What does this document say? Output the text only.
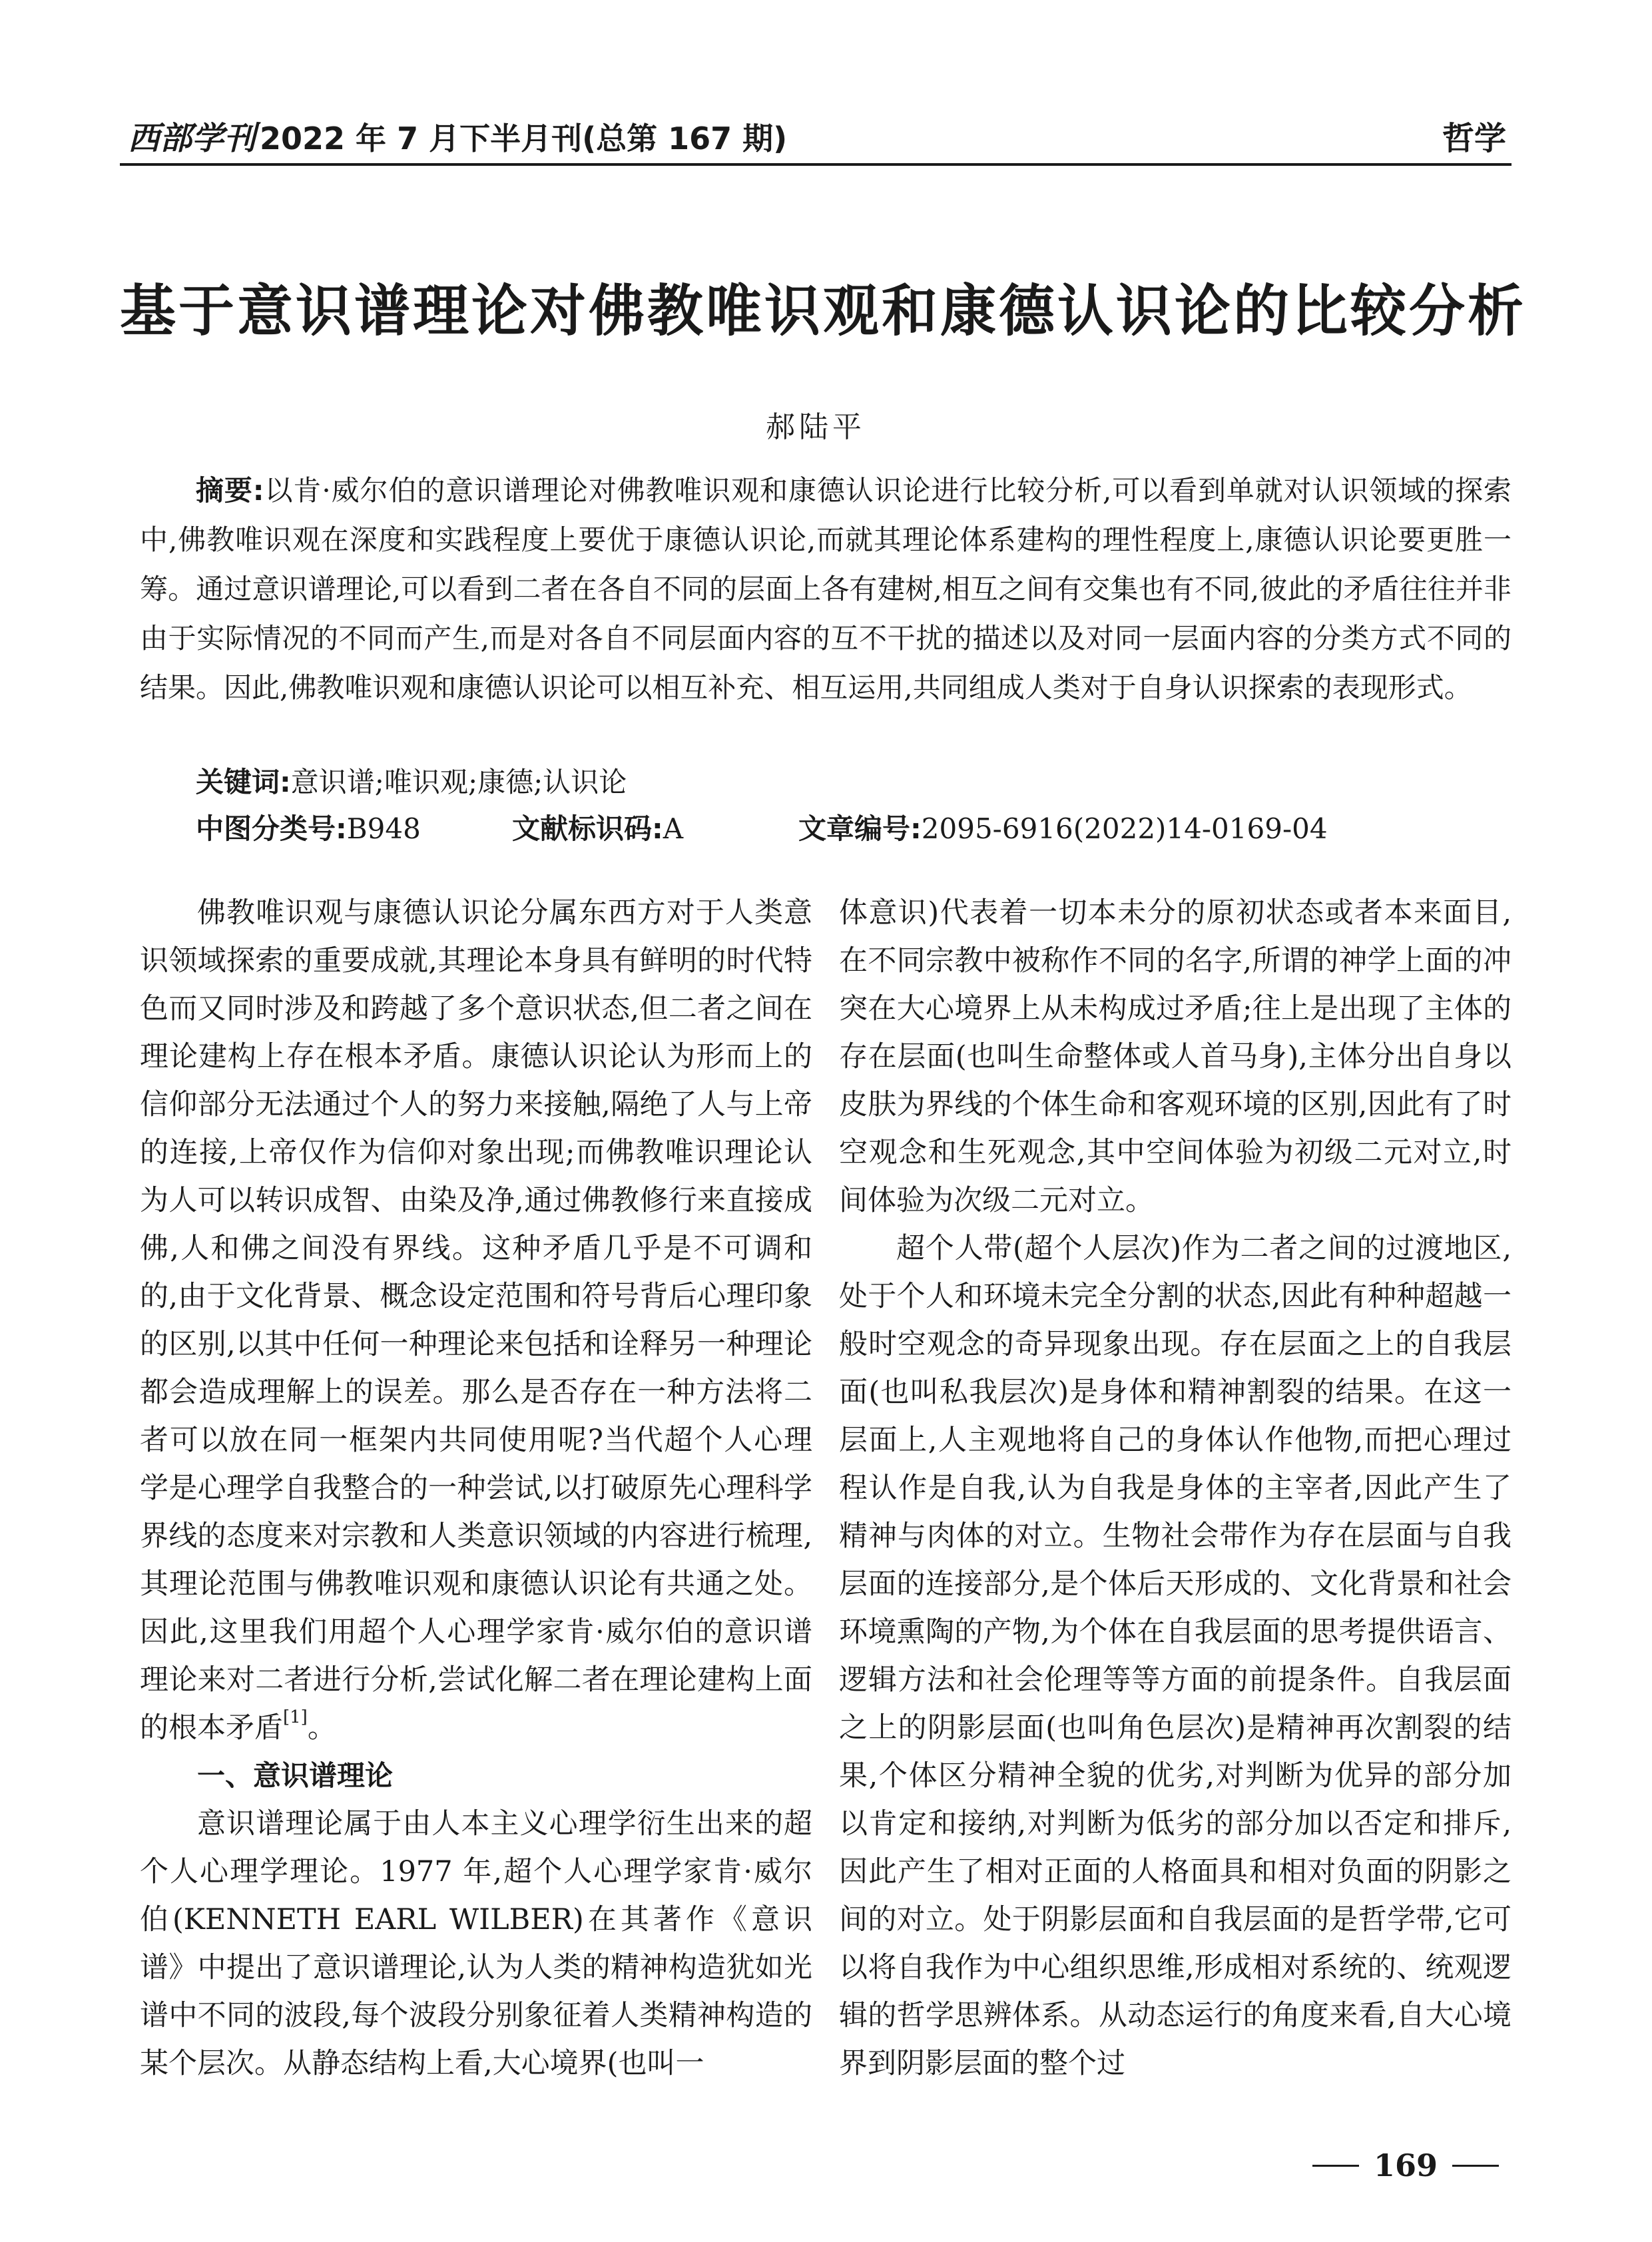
西部学刊 2022 年 7 月下半月刊(总第 167 期)	哲学
基于意识谱理论对佛教唯识观和康德认识论的比较分析
郝陆平

摘要:以肯·威尔伯的意识谱理论对佛教唯识观和康德认识论进行比较分析,可以看到单就对认识领域的探索中,佛教唯识观在深度和实践程度上要优于康德认识论,而就其理论体系建构的理性程度上,康德认识论要更胜一筹。通过意识谱理论,可以看到二者在各自不同的层面上各有建树,相互之间有交集也有不同,彼此的矛盾往往并非由于实际情况的不同而产生,而是对各自不同层面内容的互不干扰的描述以及对同一层面内容的分类方式不同的结果。因此,佛教唯识观和康德认识论可以相互补充、相互运用,共同组成人类对于自身认识探索的表现形式。

关键词:意识谱;唯识观;康德;认识论
中图分类号:B948	文献标识码:A	文章编号:2095-6916(2022)14-0169-04

佛教唯识观与康德认识论分属东西方对于人类意识领域探索的重要成就,其理论本身具有鲜明的时代特色而又同时涉及和跨越了多个意识状态,但二者之间在理论建构上存在根本矛盾。康德认识论认为形而上的信仰部分无法通过个人的努力来接触,隔绝了人与上帝的连接,上帝仅作为信仰对象出现;而佛教唯识理论认为人可以转识成智、由染及净,通过佛教修行来直接成佛,人和佛之间没有界线。这种矛盾几乎是不可调和的,由于文化背景、概念设定范围和符号背后心理印象的区别,以其中任何一种理论来包括和诠释另一种理论都会造成理解上的误差。那么是否存在一种方法将二者可以放在同一框架内共同使用呢?当代超个人心理学是心理学自我整合的一种尝试,以打破原先心理科学界线的态度来对宗教和人类意识领域的内容进行梳理,其理论范围与佛教唯识观和康德认识论有共通之处。因此,这里我们用超个人心理学家肯·威尔伯的意识谱理论来对二者进行分析,尝试化解二者在理论建构上面的根本矛盾[1]。

一、意识谱理论

意识谱理论属于由人本主义心理学衍生出来的超个人心理学理论。1977 年,超个人心理学家肯·威尔伯(KENNETH EARL WILBER)在其著作《意识谱》中提出了意识谱理论,认为人类的精神构造犹如光谱中不同的波段,每个波段分别象征着人类精神构造的某个层次。从静态结构上看,大心境界(也叫一

体意识)代表着一切本未分的原初状态或者本来面目,在不同宗教中被称作不同的名字,所谓的神学上面的冲突在大心境界上从未构成过矛盾;往上是出现了主体的存在层面(也叫生命整体或人首马身),主体分出自身以皮肤为界线的个体生命和客观环境的区别,因此有了时空观念和生死观念,其中空间体验为初级二元对立,时间体验为次级二元对立。

超个人带(超个人层次)作为二者之间的过渡地区,处于个人和环境未完全分割的状态,因此有种种超越一般时空观念的奇异现象出现。存在层面之上的自我层面(也叫私我层次)是身体和精神割裂的结果。在这一层面上,人主观地将自己的身体认作他物,而把心理过程认作是自我,认为自我是身体的主宰者,因此产生了精神与肉体的对立。生物社会带作为存在层面与自我层面的连接部分,是个体后天形成的、文化背景和社会环境熏陶的产物,为个体在自我层面的思考提供语言、逻辑方法和社会伦理等等方面的前提条件。自我层面之上的阴影层面(也叫角色层次)是精神再次割裂的结果,个体区分精神全貌的优劣,对判断为优异的部分加以肯定和接纳,对判断为低劣的部分加以否定和排斥,因此产生了相对正面的人格面具和相对负面的阴影之间的对立。处于阴影层面和自我层面的是哲学带,它可以将自我作为中心组织思维,形成相对系统的、统观逻辑的哲学思辨体系。从动态运行的角度来看,自大心境界到阴影层面的整个过

169
